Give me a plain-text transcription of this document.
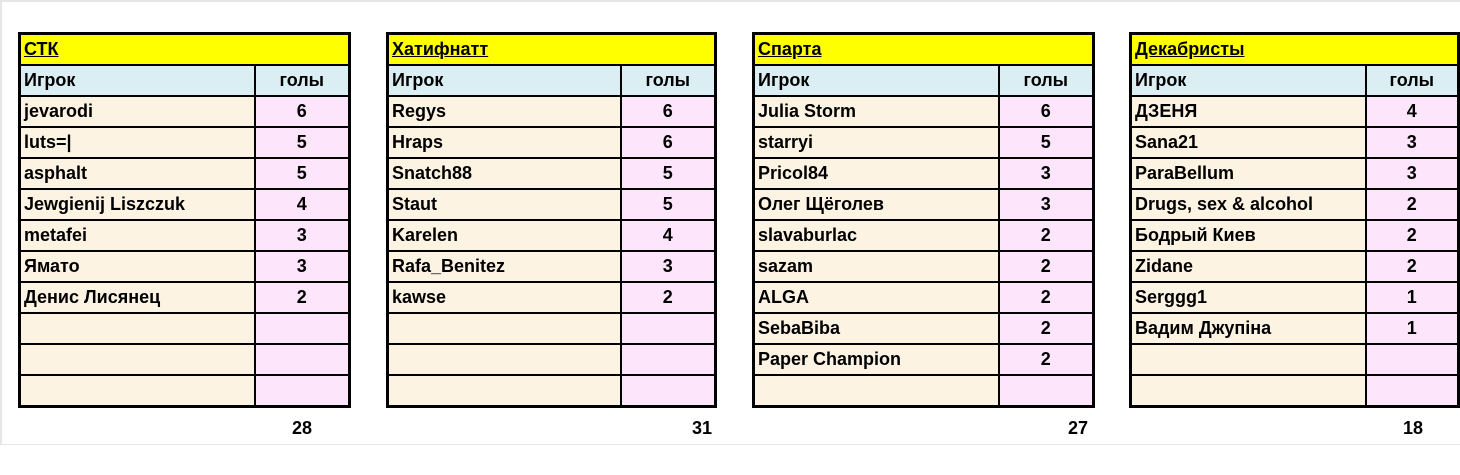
СТК	
Игрок	голы
jevarodi	6
luts=|	5
asphalt	5
Jewgienij Liszczuk	4
metafei	3
Ямато	3
Денис Лисянец	2

28
Хатифнатт	
Игрок	голы
Regys	6
Hraps	6
Snatch88	5
Staut	5
Karelen	4
Rafa_Benitez	3
kawse	2

31
Спарта	
Игрок	голы
Julia Storm	6
starryi	5
Pricol84	3
Олег Щёголев	3
slavaburlac	2
sazam	2
ALGA	2
SebaBiba	2
Paper Champion	2

27
Декабристы	
Игрок	голы
ДЗЕНЯ	4
Sana21	3
ParaBellum	3
Drugs, sex & alcohol	2
Бодрый Киев	2
Zidane	2
Serggg1	1
Вадим Джупіна	1

18
